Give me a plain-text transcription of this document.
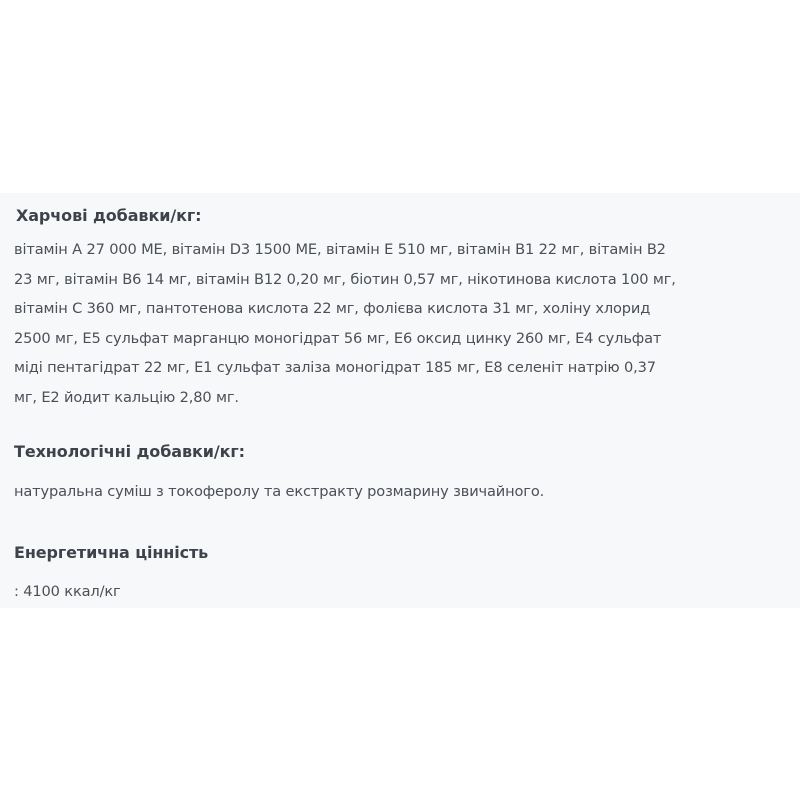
Харчові добавки/кг:
вітамін A 27 000 МЕ, вітамін D3 1500 МЕ, вітамін Е 510 мг, вітамін B1 22 мг, вітамін B2
23 мг, вітамін B6 14 мг, вітамін B12 0,20 мг, біотин 0,57 мг, нікотинова кислота 100 мг,
вітамін С 360 мг, пантотенова кислота 22 мг, фолієва кислота 31 мг, холіну хлорид
2500 мг, E5 сульфат марганцю моногідрат 56 мг, E6 оксид цинку 260 мг, E4 сульфат
міді пентагідрат 22 мг, E1 сульфат заліза моногідрат 185 мг, E8 селеніт натрію 0,37
мг, E2 йодит кальцію 2,80 мг.
Технологічні добавки/кг:
натуральна суміш з токоферолу та екстракту розмарину звичайного.
Енергетична цінність
: 4100 ккал/кг
